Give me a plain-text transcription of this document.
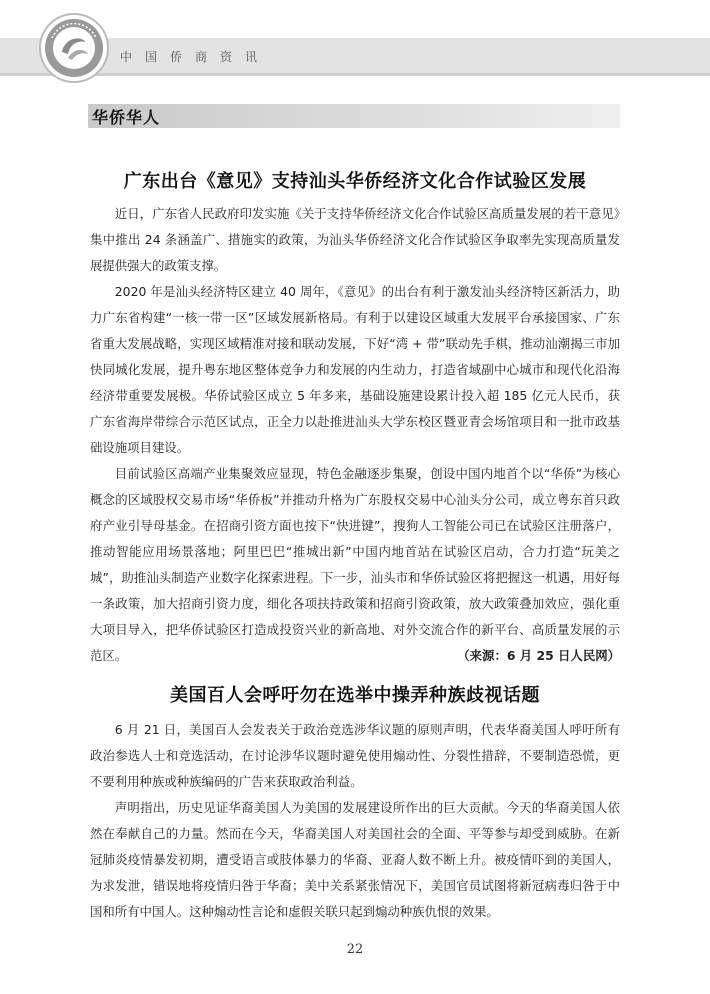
中国侨商资讯
华侨华人
广东出台《意见》支持汕头华侨经济文化合作试验区发展

近日，广东省人民政府印发实施《关于支持华侨经济文化合作试验区高质量发展的若干意见》集中推出 24 条涵盖广、措施实的政策，为汕头华侨经济文化合作试验区争取率先实现高质量发展提供强大的政策支撑。

2020 年是汕头经济特区建立 40 周年，《意见》的出台有利于激发汕头经济特区新活力，助力广东省构建“一核一带一区”区域发展新格局。有利于以建设区域重大发展平台承接国家、广东省重大发展战略，实现区域精准对接和联动发展，下好“湾 + 带”联动先手棋，推动汕潮揭三市加快同城化发展，提升粤东地区整体竞争力和发展的内生动力，打造省域副中心城市和现代化沿海经济带重要发展极。华侨试验区成立 5 年多来，基础设施建设累计投入超 185 亿元人民币，获广东省海岸带综合示范区试点，正全力以赴推进汕头大学东校区暨亚青会场馆项目和一批市政基础设施项目建设。

目前试验区高端产业集聚效应显现，特色金融逐步集聚，创设中国内地首个以“华侨”为核心概念的区域股权交易市场“华侨板”并推动升格为广东股权交易中心汕头分公司，成立粤东首只政府产业引导母基金。在招商引资方面也按下“快进键”，搜狗人工智能公司已在试验区注册落户，推动智能应用场景落地；阿里巴巴“推城出新”中国内地首站在试验区启动，合力打造“玩美之城”，助推汕头制造产业数字化探索进程。下一步，汕头市和华侨试验区将把握这一机遇，用好每一条政策，加大招商引资力度，细化各项扶持政策和招商引资政策，放大政策叠加效应，强化重大项目导入，把华侨试验区打造成投资兴业的新高地、对外交流合作的新平台、高质量发展的示范区。	（来源：6 月 25 日人民网）
美国百人会呼吁勿在选举中操弄种族歧视话题

6 月 21 日，美国百人会发表关于政治竞选涉华议题的原则声明，代表华裔美国人呼吁所有政治参选人士和竞选活动，在讨论涉华议题时避免使用煽动性、分裂性措辞，不要制造恐慌，更不要利用种族或种族编码的广告来获取政治利益。

声明指出，历史见证华裔美国人为美国的发展建设所作出的巨大贡献。今天的华裔美国人依然在奉献自己的力量。然而在今天，华裔美国人对美国社会的全面、平等参与却受到威胁。在新冠肺炎疫情暴发初期，遭受语言或肢体暴力的华裔、亚裔人数不断上升。被疫情吓到的美国人，为求发泄，错误地将疫情归咎于华裔；美中关系紧张情况下，美国官员试图将新冠病毒归咎于中国和所有中国人。这种煽动性言论和虚假关联只起到煽动种族仇恨的效果。

22
